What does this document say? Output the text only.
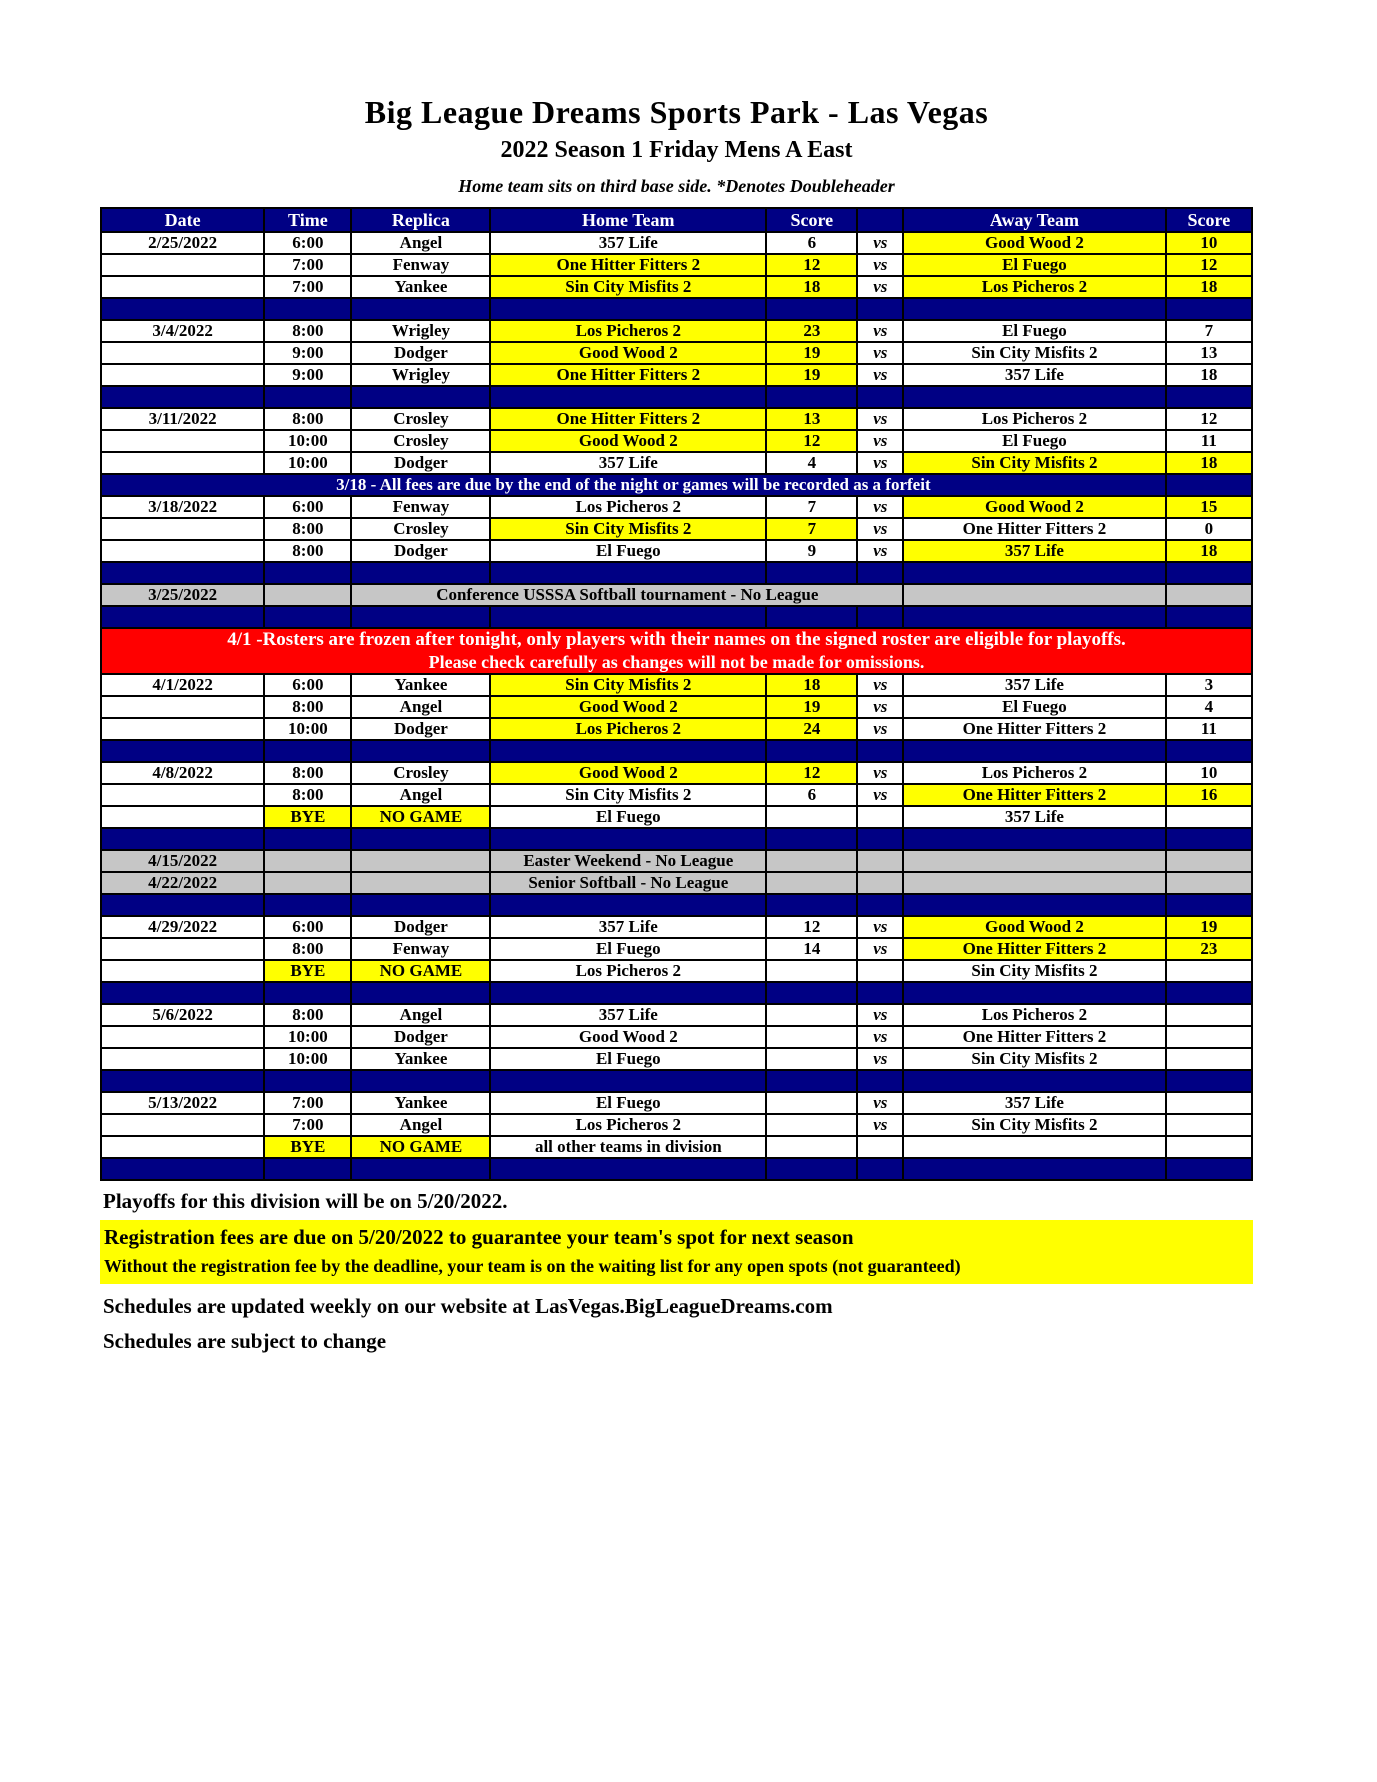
Big League Dreams Sports Park - Las Vegas
2022 Season 1 Friday Mens A East
Home team sits on third base side. *Denotes Doubleheader
Date	Time	Replica	Home Team	Score		Away Team	Score
2/25/2022	6:00	Angel	357 Life	6	vs	Good Wood 2	10
	7:00	Fenway	One Hitter Fitters 2	12	vs	El Fuego	12
	7:00	Yankee	Sin City Misfits 2	18	vs	Los Picheros 2	18

3/4/2022	8:00	Wrigley	Los Picheros 2	23	vs	El Fuego	7
	9:00	Dodger	Good Wood 2	19	vs	Sin City Misfits 2	13
	9:00	Wrigley	One Hitter Fitters 2	19	vs	357 Life	18

3/11/2022	8:00	Crosley	One Hitter Fitters 2	13	vs	Los Picheros 2	12
	10:00	Crosley	Good Wood 2	12	vs	El Fuego	11
	10:00	Dodger	357 Life	4	vs	Sin City Misfits 2	18
3/18 - All fees are due by the end of the night or games will be recorded as a forfeit							
3/18/2022	6:00	Fenway	Los Picheros 2	7	vs	Good Wood 2	15
	8:00	Crosley	Sin City Misfits 2	7	vs	One Hitter Fitters 2	0
	8:00	Dodger	El Fuego	9	vs	357 Life	18

3/25/2022		Conference USSSA Softball tournament - No League					

4/1 -Rosters are frozen after tonight, only players with their names on the signed roster are eligible for playoffs.
Please check carefully as changes will not be made for omissions.							

4/1/2022	6:00	Yankee	Sin City Misfits 2	18	vs	357 Life	3
	8:00	Angel	Good Wood 2	19	vs	El Fuego	4
	10:00	Dodger	Los Picheros 2	24	vs	One Hitter Fitters 2	11

4/8/2022	8:00	Crosley	Good Wood 2	12	vs	Los Picheros 2	10
	8:00	Angel	Sin City Misfits 2	6	vs	One Hitter Fitters 2	16
	BYE	NO GAME	El Fuego			357 Life	

4/15/2022			Easter Weekend - No League				
4/22/2022			Senior Softball - No League				

4/29/2022	6:00	Dodger	357 Life	12	vs	Good Wood 2	19
	8:00	Fenway	El Fuego	14	vs	One Hitter Fitters 2	23
	BYE	NO GAME	Los Picheros 2			Sin City Misfits 2	

5/6/2022	8:00	Angel	357 Life		vs	Los Picheros 2	
	10:00	Dodger	Good Wood 2		vs	One Hitter Fitters 2	
	10:00	Yankee	El Fuego		vs	Sin City Misfits 2	

5/13/2022	7:00	Yankee	El Fuego		vs	357 Life	
	7:00	Angel	Los Picheros 2		vs	Sin City Misfits 2	
	BYE	NO GAME	all other teams in division				

Playoffs for this division will be on 5/20/2022.
Registration fees are due on 5/20/2022 to guarantee your team's spot for next season
Without the registration fee by the deadline, your team is on the waiting list for any open spots (not guaranteed)
Schedules are updated weekly on our website at LasVegas.BigLeagueDreams.com
Schedules are subject to change
